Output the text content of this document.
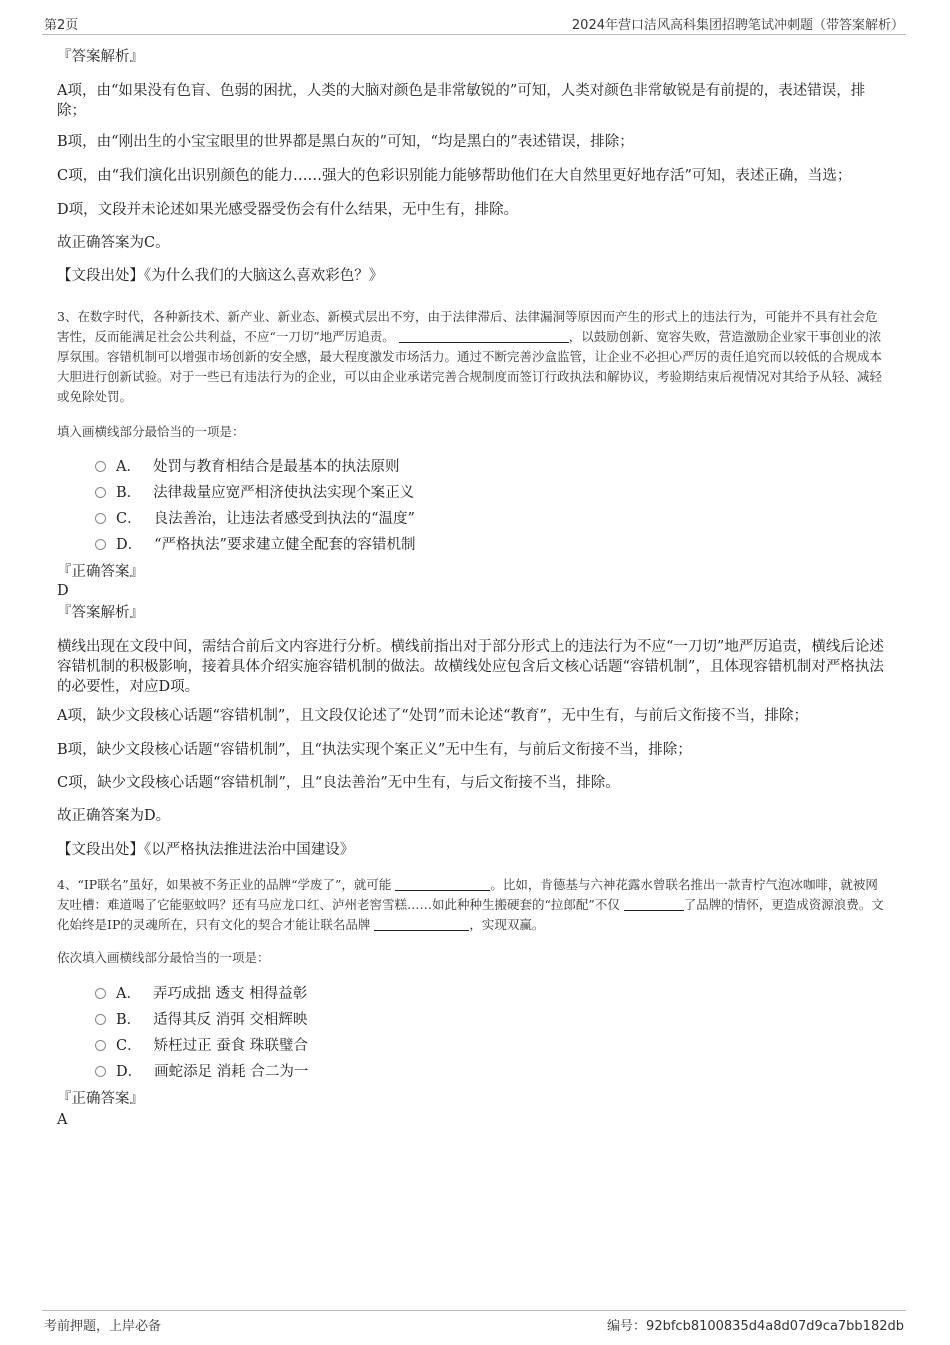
第2页	2024年营口洁风高科集团招聘笔试冲刺题（带答案解析）
『答案解析』
A项，由“如果没有色盲、色弱的困扰，人类的大脑对颜色是非常敏锐的”可知，人类对颜色非常敏锐是有前提的，表述错误，排除；
B项，由“刚出生的小宝宝眼里的世界都是黑白灰的”可知，“均是黑白的”表述错误，排除；
C项，由“我们演化出识别颜色的能力……强大的色彩识别能力能够帮助他们在大自然里更好地存活”可知，表述正确，当选；
D项，文段并未论述如果光感受器受伤会有什么结果，无中生有，排除。
故正确答案为C。
【文段出处】《为什么我们的大脑这么喜欢彩色？》
3、在数字时代，各种新技术、新产业、新业态、新模式层出不穷，由于法律滞后、法律漏洞等原因而产生的形式上的违法行为，可能并不具有社会危害性，反而能满足社会公共利益，不应“一刀切”地严厉追责。	，以鼓励创新、宽容失败，营造激励企业家干事创业的浓厚氛围。容错机制可以增强市场创新的安全感，最大程度激发市场活力。通过不断完善沙盒监管，让企业不必担心严厉的责任追究而以较低的合规成本大胆进行创新试验。对于一些已有违法行为的企业，可以由企业承诺完善合规制度而签订行政执法和解协议，考验期结束后视情况对其给予从轻、减轻或免除处罚。
填入画横线部分最恰当的一项是：
A． 处罚与教育相结合是最基本的执法原则
B． 法律裁量应宽严相济使执法实现个案正义
C． 良法善治，让违法者感受到执法的“温度”
D． “严格执法”要求建立健全配套的容错机制
『正确答案』
D
『答案解析』
横线出现在文段中间，需结合前后文内容进行分析。横线前指出对于部分形式上的违法行为不应“一刀切”地严厉追责，横线后论述容错机制的积极影响，接着具体介绍实施容错机制的做法。故横线处应包含后文核心话题“容错机制”，且体现容错机制对严格执法的必要性，对应D项。
A项，缺少文段核心话题“容错机制”，且文段仅论述了“处罚”而未论述“教育”，无中生有，与前后文衔接不当，排除；
B项，缺少文段核心话题“容错机制”，且“执法实现个案正义”无中生有，与前后文衔接不当，排除；
C项，缺少文段核心话题“容错机制”，且“良法善治”无中生有，与后文衔接不当，排除。
故正确答案为D。
【文段出处】《以严格执法推进法治中国建设》
4、“IP联名”虽好，如果被不务正业的品牌“学废了”，就可能	。比如，肯德基与六神花露水曾联名推出一款青柠气泡冰咖啡，就被网友吐槽：难道喝了它能驱蚊吗？还有马应龙口红、泸州老窖雪糕……如此种种生搬硬套的“拉郎配”不仅	了品牌的情怀，更造成资源浪费。文化始终是IP的灵魂所在，只有文化的契合才能让联名品牌	，实现双赢。
依次填入画横线部分最恰当的一项是：
A． 弄巧成拙 透支 相得益彰
B． 适得其反 消弭 交相辉映
C． 矫枉过正 蚕食 珠联璧合
D． 画蛇添足 消耗 合二为一
『正确答案』
A
考前押题，上岸必备	编号：92bfcb8100835d4a8d07d9ca7bb182db
